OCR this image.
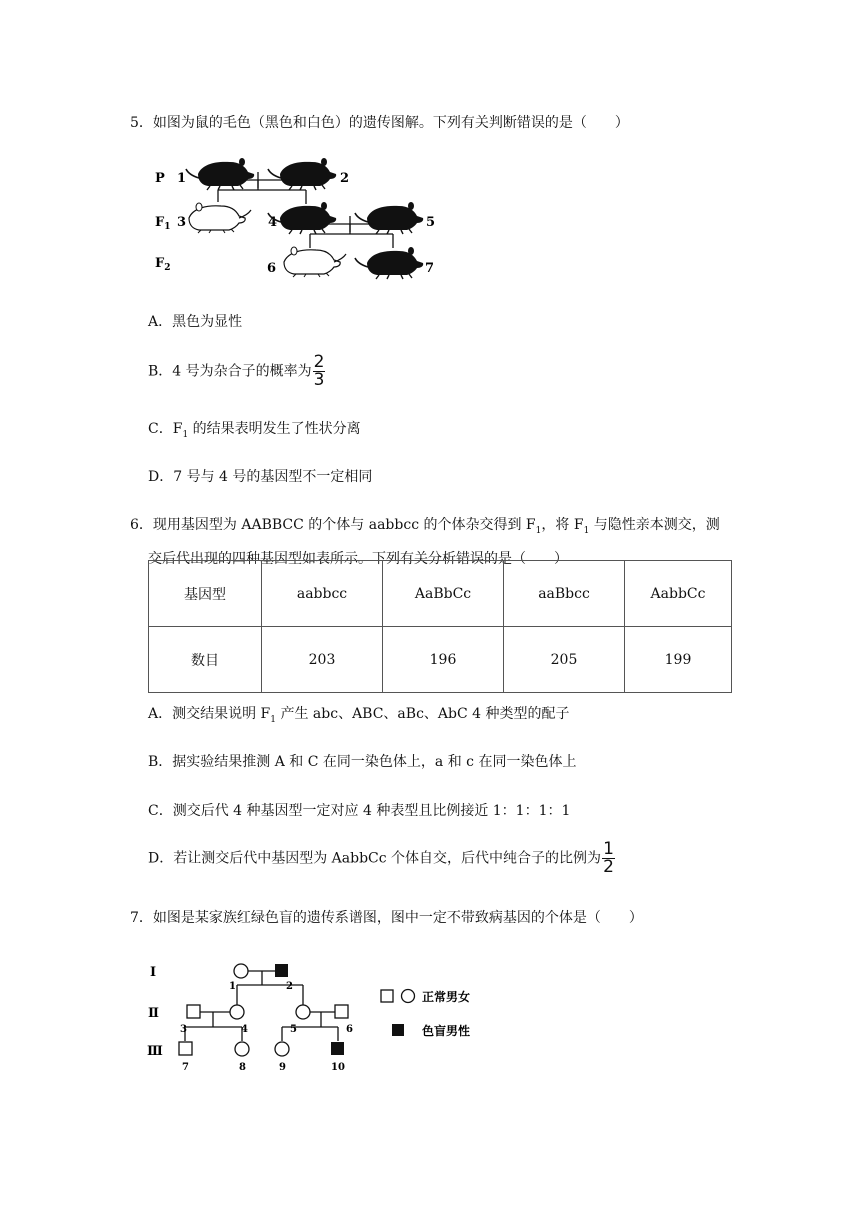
5．如图为鼠的毛色（黑色和白色）的遗传图解。下列有关判断错误的是（　　）
P
$F_1$
$F_2$
1	2
3	4	5
6	7
A．黑色为显性
B．4 号为杂合子的概率为 $\frac{2}{3}$
C．$F_1$ 的结果表明发生了性状分离
D．7 号与 4 号的基因型不一定相同
6．现用基因型为 AABBCC 的个体与 aabbcc 的个体杂交得到 $F_1$，将 $F_1$ 与隐性亲本测交，测
交后代出现的四种基因型如表所示。下列有关分析错误的是（　　）
基因型	aabbcc	AaBbCc	aaBbcc	AabbCc
数目	203	196	205	199
A．测交结果说明 $F_1$ 产生 abc、ABC、aBc、AbC 4 种类型的配子
B．据实验结果推测 A 和 C 在同一染色体上，a 和 c 在同一染色体上
C．测交后代 4 种基因型一定对应 4 种表型且比例接近 1：1：1：1
D．若让测交后代中基因型为 AabbCc 个体自交，后代中纯合子的比例为 $\frac{1}{2}$
7．如图是某家族红绿色盲的遗传系谱图，图中一定不带致病基因的个体是（　　）
I
Ⅱ
Ⅲ
1	2
3	4	5	6
7	8	9	10
正常男女
色盲男性
